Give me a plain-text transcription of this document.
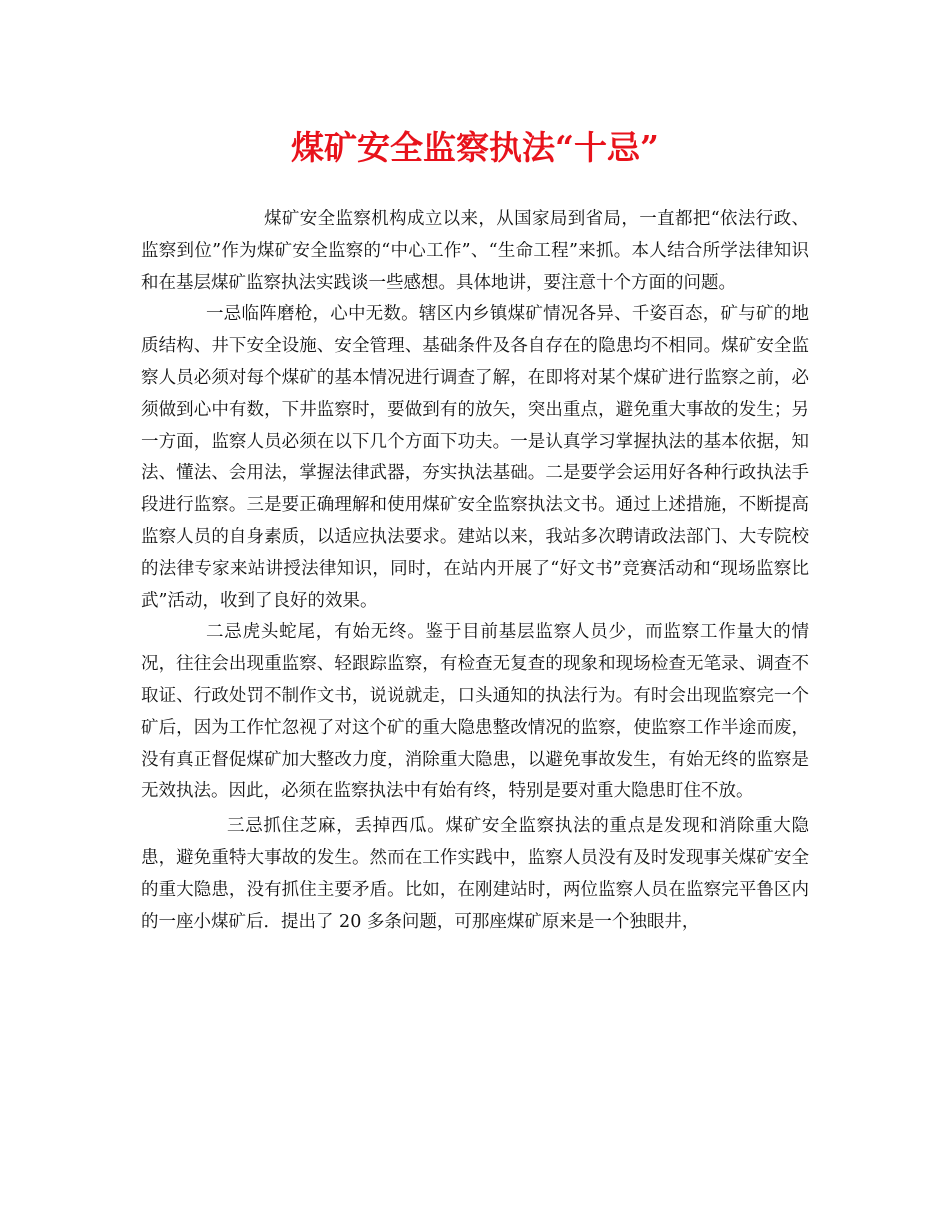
煤矿安全监察执法“十忌”

煤矿安全监察机构成立以来，从国家局到省局，一直都把“依法行政、监察到位”作为煤矿安全监察的“中心工作”、“生命工程”来抓。本人结合所学法律知识和在基层煤矿监察执法实践谈一些感想。具体地讲，要注意十个方面的问题。

一忌临阵磨枪，心中无数。辖区内乡镇煤矿情况各异、千姿百态，矿与矿的地质结构、井下安全设施、安全管理、基础条件及各自存在的隐患均不相同。煤矿安全监察人员必须对每个煤矿的基本情况进行调查了解，在即将对某个煤矿进行监察之前，必须做到心中有数，下井监察时，要做到有的放矢，突出重点，避免重大事故的发生；另一方面，监察人员必须在以下几个方面下功夫。一是认真学习掌握执法的基本依据，知法、懂法、会用法，掌握法律武器，夯实执法基础。二是要学会运用好各种行政执法手段进行监察。三是要正确理解和使用煤矿安全监察执法文书。通过上述措施，不断提高监察人员的自身素质，以适应执法要求。建站以来，我站多次聘请政法部门、大专院校的法律专家来站讲授法律知识，同时，在站内开展了“好文书”竞赛活动和“现场监察比武”活动，收到了良好的效果。

二忌虎头蛇尾，有始无终。鉴于目前基层监察人员少，而监察工作量大的情况，往往会出现重监察、轻跟踪监察，有检查无复查的现象和现场检查无笔录、调查不取证、行政处罚不制作文书，说说就走，口头通知的执法行为。有时会出现监察完一个矿后，因为工作忙忽视了对这个矿的重大隐患整改情况的监察，使监察工作半途而废，没有真正督促煤矿加大整改力度，消除重大隐患，以避免事故发生，有始无终的监察是无效执法。因此，必须在监察执法中有始有终，特别是要对重大隐患盯住不放。

三忌抓住芝麻，丢掉西瓜。煤矿安全监察执法的重点是发现和消除重大隐患，避免重特大事故的发生。然而在工作实践中，监察人员没有及时发现事关煤矿安全的重大隐患，没有抓住主要矛盾。比如，在刚建站时，两位监察人员在监察完平鲁区内的一座小煤矿后．提出了 20 多条问题，可那座煤矿原来是一个独眼井，
